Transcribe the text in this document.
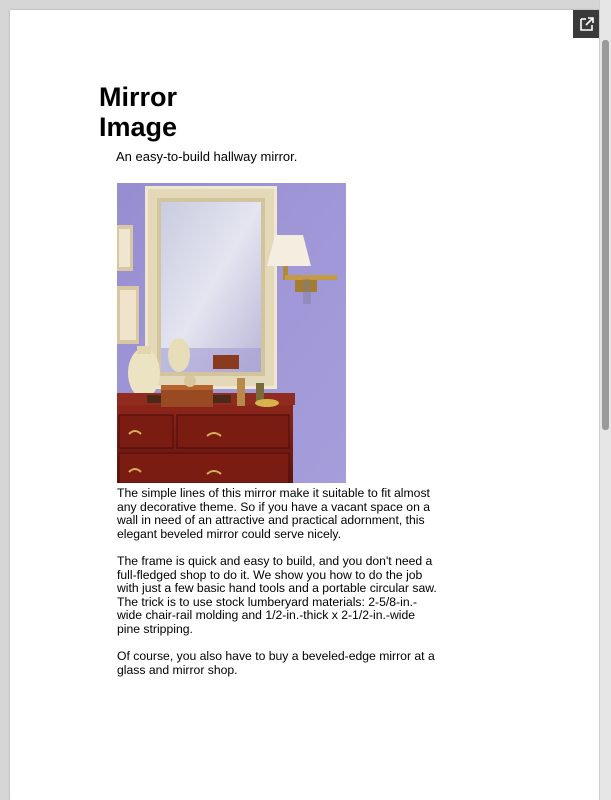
Mirror
Image
An easy-to-build hallway mirror.

The simple lines of this mirror make it suitable to fit almost any decorative theme. So if you have a vacant space on a wall in need of an attractive and practical adornment, this elegant beveled mirror could serve nicely.

The frame is quick and easy to build, and you don't need a full-fledged shop to do it. We show you how to do the job with just a few basic hand tools and a portable circular saw. The trick is to use stock lumberyard materials: 2-5/8-in.-wide chair-rail molding and 1/2-in.-thick x 2-1/2-in.-wide pine stripping.

Of course, you also have to buy a beveled-edge mirror at a glass and mirror shop.
